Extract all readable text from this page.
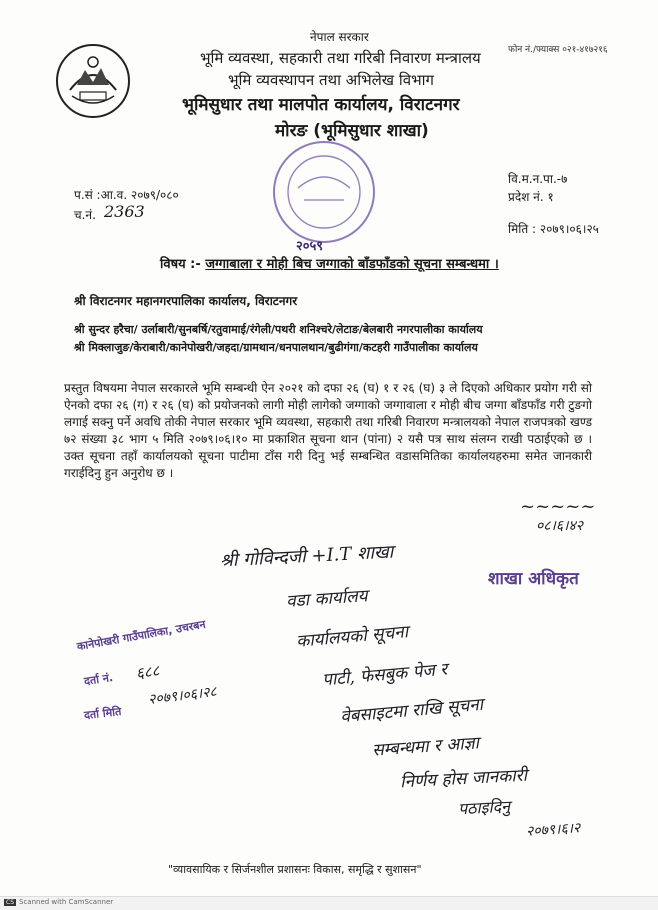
नेपाल सरकार
फोन नं./फ्याक्स ०२१-४१७२१६
भूमि व्यवस्था, सहकारी तथा गरिबी निवारण मन्त्रालय
भूमि व्यवस्थापन तथा अभिलेख विभाग
भूमिसुधार तथा मालपोत कार्यालय, विराटनगर
मोरङ (भूमिसुधार शाखा)
२०५९
प.सं :आ.व. २०७९/०८०
च.नं. 2363
वि.म.न.पा.-७
प्रदेश नं. १
मिति : २०७९।०६।२५
विषय :- जग्गाबाला र मोही बिच जग्गाको बाँडफाँडको सूचना सम्बन्धमा ।
श्री विराटनगर महानगरपालिका कार्यालय, विराटनगर
श्री सुन्दर हरैचा/ उर्लाबारी/सुनबर्षि/रतुवामाई/रंगेली/पथरी शनिश्चरे/लेटाङ/बेलबारी नगरपालीका कार्यालय
श्री मिक्लाजुङ/केराबारी/कानेपोखरी/जहदा/ग्रामथान/धनपालथान/बुढीगंगा/कटहरी गाउँपालीका कार्यालय
प्रस्तुत विषयमा नेपाल सरकारले भूमि सम्बन्धी ऐन २०२१ को दफा २६ (घ) १ र २६ (घ) ३ ले दिएको अधिकार प्रयोग गरी सो ऐनको दफा २६ (ग) र २६ (घ) को प्रयोजनको लागी मोही लागेको जग्गाको जग्गावाला र मोही बीच जग्गा बाँडफाँड गरी टुङगो लगाई सक्नु पर्ने अवधि तोकी नेपाल सरकार भूमि व्यवस्था, सहकारी तथा गरिबी निवारण मन्त्रालयको नेपाल राजपत्रको खण्ड ७२ संख्या ३८ भाग ५ मिति २०७९।०६।१० मा प्रकाशित सूचना थान (पांना) २ यसै पत्र साथ संलग्न राखी पठाईएको छ । उक्त सूचना तहाँ कार्यालयको सूचना पाटीमा टाँस गरी दिनु भई सम्बन्धित वडासमितिका कार्यालयहरुमा समेत जानकारी गराईदिनु हुन अनुरोध छ ।
~~~~~
०८।६।४२
शाखा अधिकृत
श्री गोविन्दजी +I.T शाखा
वडा कार्यालय
कार्यालयको सूचना
पाटी, फेसबुक पेज र
वेबसाइटमा राखि सूचना
सम्बन्धमा र आज्ञा
निर्णय होस जानकारी
पठाइदिनु
२०७९।६।२
कानेपोखरी गाउँपालिका, उचरबन
दर्ता नं. ६८८
दर्ता मिति
२०७९।०६।२८
"व्यावसायिक र सिर्जनशील प्रशासनः विकास, समृद्धि र सुशासन"
CS Scanned with CamScanner
